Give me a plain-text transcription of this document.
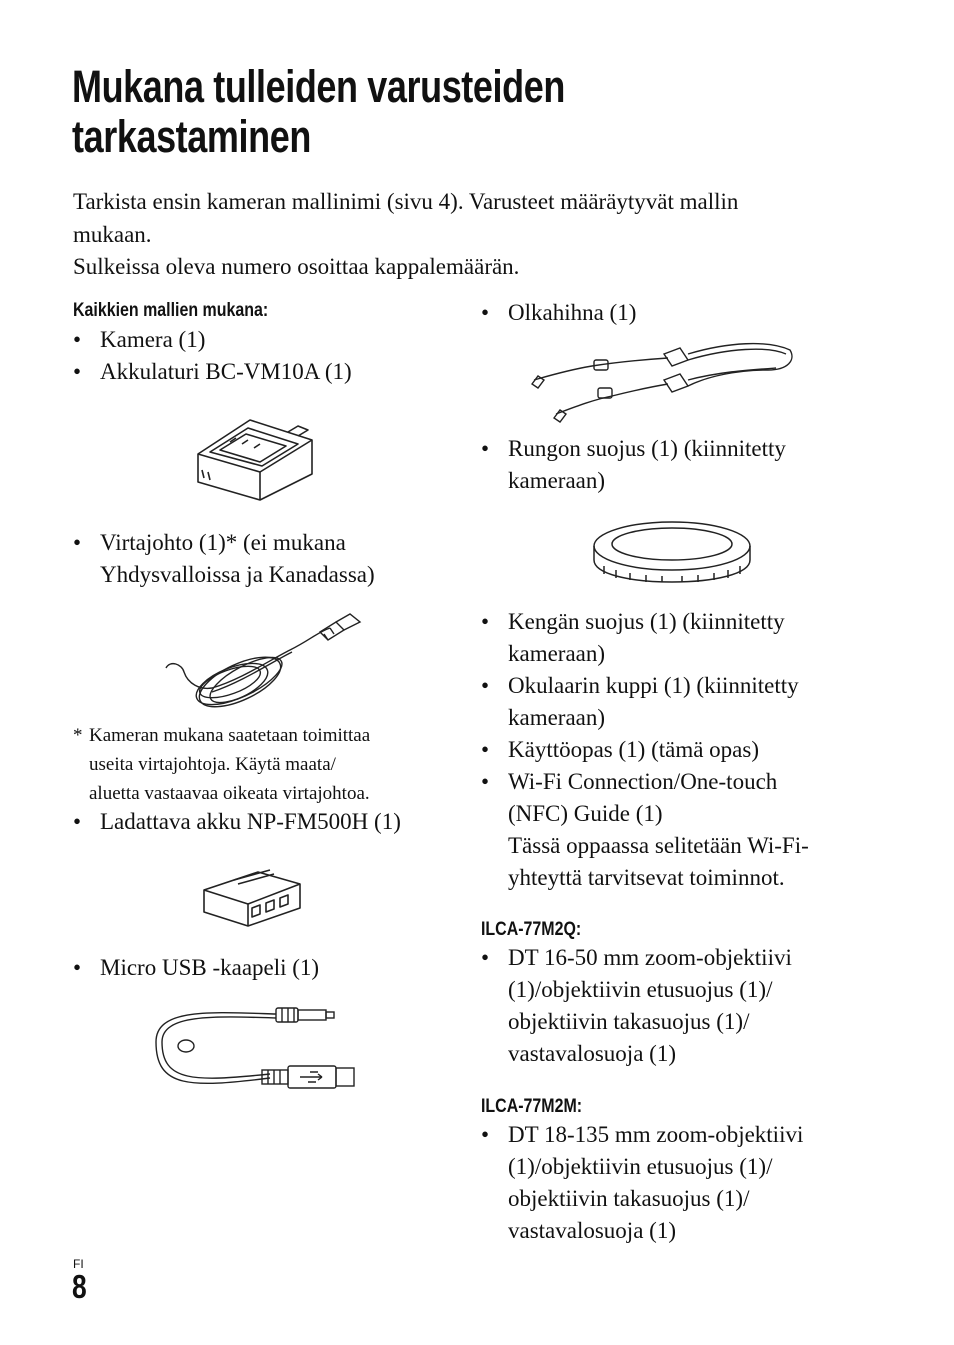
Mukana tulleiden varusteiden
tarkastaminen
Tarkista ensin kameran mallinimi (sivu 4). Varusteet määräytyvät mallin
mukaan.
Sulkeissa oleva numero osoittaa kappalemäärän.
Kaikkien mallien mukana:
• Kamera (1)
• Akkulaturi BC-VM10A (1)
• Virtajohto (1)* (ei mukana
Yhdysvalloissa ja Kanadassa)
* Kameran mukana saatetaan toimittaa
useita virtajohtoja. Käytä maata/
aluetta vastaavaa oikeata virtajohtoa.
• Ladattava akku NP-FM500H (1)
• Micro USB -kaapeli (1)
• Olkahihna (1)
• Rungon suojus (1) (kiinnitetty
kameraan)
• Kengän suojus (1) (kiinnitetty
kameraan)
• Okulaarin kuppi (1) (kiinnitetty
kameraan)
• Käyttöopas (1) (tämä opas)
• Wi-Fi Connection/One-touch
(NFC) Guide (1)
Tässä oppaassa selitetään Wi-Fi-
yhteyttä tarvitsevat toiminnot.
ILCA-77M2Q:
• DT 16-50 mm zoom-objektiivi
(1)/objektiivin etusuojus (1)/
objektiivin takasuojus (1)/
vastavalosuoja (1)
ILCA-77M2M:
• DT 18-135 mm zoom-objektiivi
(1)/objektiivin etusuojus (1)/
objektiivin takasuojus (1)/
vastavalosuoja (1)
FI
8
